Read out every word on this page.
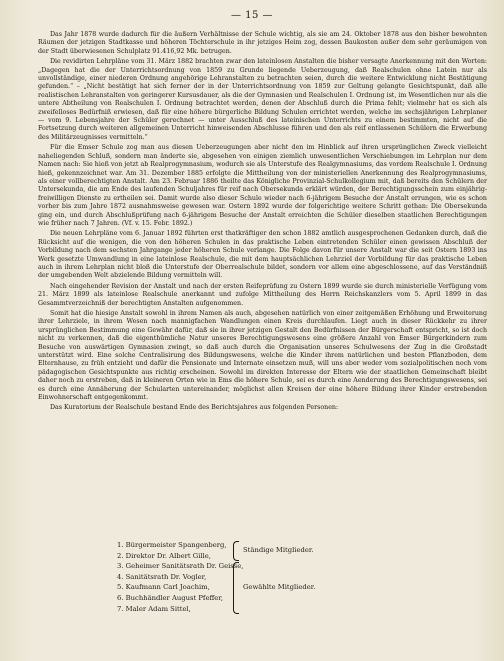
— 15 —

Das Jahr 1878 wurde dadurch für die äußern Verhältnisse der Schule wichtig, als sie am 24. Oktober 1878 aus den bisher bewohnten Räumen der jetzigen Stadtkasse und höheren Töchterschule in ihr jetziges Heim zog, dessen Baukosten außer dem sehr geräumigen von der Stadt überwiesenen Schulplatz 91.416,92 Mk. betrugen.

Die revidirten Lehrpläne vom 31. März 1882 brachten zwar den lateinlosen Anstalten die bisher versagte Anerkennung mit den Worten: „Dagegen hat die der Unterrichtsordnung von 1859 zu Grunde liegende Ueberzeugung, daß Realschulen ohne Latein nur als unvollständige, einer niederen Ordnung angehörige Lehranstalten zu betrachten seien, durch die weitere Entwicklung nicht Bestätigung gefunden.“ – „Nicht bestätigt hat sich ferner der in der Unterrichtsordnung von 1859 zur Geltung gelangte Gesichtspunkt, daß alle realistischen Lehranstalten von geringerer Kursusdauer, als die der Gymnasien und Realschulen I. Ordnung ist, im Wesentlichen nur als die untere Abtheilung von Realschulen I. Ordnung betrachtet werden, denen der Abschluß durch die Prima fehlt; vielmehr hat es sich als zweifelloses Bedürfniß erwiesen, daß für eine höhere bürgerliche Bildung Schulen errichtet werden, welche im sechsjährigen Lehrplaner — vom 9. Lebensjahre der Schüler gerechnet — unter Ausschluß des lateinischen Unterrichts zu einem bestimmten, nicht auf die Fortsetzung durch weiteren allgemeinen Unterricht hinweisenden Abschlusse führen und den als reif entlassenen Schülern die Erwerbung des Militärzeugnisses vermitteln.“

Für die Emser Schule zog man aus diesen Ueberzeugungen aber nicht den im Hinblick auf ihren ursprünglichen Zweck vielleicht naheliegenden Schluß, sondern man änderte sie, abgesehen von einigen ziemlich unwesentlichen Verschiebungen im Lehrplan nur dem Namen nach: Sie hieß von jetzt ab Realprogymnasium, wodurch sie als Unterstufe des Realgymnasiums, das vordem Realschule I. Ordnung hieß, gekennzeichnet war. Am 31. Dezember 1885 erfolgte die Mittheilung von der ministeriellen Anerkennung des Realprogymnasiums, als einer vollberechtigten Anstalt. Am 23. Februar 1886 theilte das Königliche Provinzial-Schulkollegium mit, daß bereits den Schülern der Untersekunda, die am Ende des laufenden Schuljahres für reif nach Obersekunda erklärt würden, der Berechtigungsschein zum einjährig-freiwilligen Dienste zu ertheilen sei. Damit wurde also dieser Schule wieder nach 6-jährigem Besuche der Anstalt errungen, wie es schon vorher bis zum Jahre 1872 ausnahmsweise gewesen war. Ostern 1892 wurde der folgerichtige weitere Schritt gethan: Die Obersekunda ging ein, und durch Abschlußprüfung nach 6-jährigem Besuche der Anstalt erreichten die Schüler dieselben staatlichen Berechtigungen wie früher nach 7 Jahren. (Vf. v. 15. Febr. 1892.)

Die neuen Lehrpläne vom 6. Januar 1892 führten erst thatkräftiger den schon 1882 amtlich ausgesprochenen Gedanken durch, daß die Rücksicht auf die wenigen, die von den höheren Schulen in das praktische Leben eintretenden Schüler einen gewissen Abschluß der Vorbildung nach dem sechsten Jahrgange jeder höheren Schule verlange. Die Folge davon für unsere Anstalt war die seit Ostern 1893 ins Werk gesetzte Umwandlung in eine lateinlose Realschule, die mit dem hauptsächlichen Lehrziel der Vorbildung für das praktische Leben auch in ihrem Lehrplan nicht bloß die Unterstufe der Oberrealschule bildet, sondern vor allem eine abgeschlossene, auf das Verständniß der umgebenden Welt abzielende Bildung vermitteln will.

Nach eingehender Revision der Anstalt und nach der ersten Reifeprüfung zu Ostern 1899 wurde sie durch ministerielle Verfügung vom 21. März 1899 als lateinlose Realschule anerkannt und zufolge Mittheilung des Herrn Reichskanzlers vom 5. April 1899 in das Gesammtverzeichniß der berechtigten Anstalten aufgenommen.

Somit hat die hiesige Anstalt sowohl in ihrem Namen als auch, abgesehen natürlich von einer zeitgemäßen Erhöhung und Erweiterung ihrer Lehrziele, in ihrem Wesen nach mannigfachen Wandlungen einen Kreis durchlaufen. Liegt auch in dieser Rückkehr zu ihrer ursprünglichen Bestimmung eine Gewähr dafür, daß sie in ihrer jetzigen Gestalt den Bedürfnissen der Bürgerschaft entspricht, so ist doch nicht zu verkennen, daß die eigenthümliche Natur unseres Berechtigungswesens eine größere Anzahl von Emser Bürgerkindern zum Besuche von auswärtigen Gymnasien zwingt, so daß auch durch die Organisation unseres Schulwesens der Zug in die Großstadt unterstützt wird. Eine solche Centralisirung des Bildungswesens, welche die Kinder ihrem natürlichen und besten Pflanzboden, dem Elternhause, zu früh entzieht und dafür die Pensionate und Internate einsetzen muß, will uns aber weder vom sozialpolitischen noch vom pädagogischen Gesichtspunkte aus richtig erscheinen. Sowohl im direkten Interesse der Eltern wie der staatlichen Gemeinschaft bleibt daher noch zu erstreben, daß in kleineren Orten wie in Ems die höhere Schule, sei es durch eine Aenderung des Berechtigungswesens, sei es durch eine Annäherung der Schularten untereinander, möglichst allen Kreisen der eine höhere Bildung ihrer Kinder erstrebenden Einwohnerschaft entgegenkommt.

Das Kuratorium der Realschule bestand Ende des Berichtsjahres aus folgenden Personen:

1. Bürgermeister Spangenberg,
2. Direktor Dr. Albert Gille,
Ständige Mitglieder.
3. Geheimer Sanitätsrath Dr. Geisse,
4. Sanitätsrath Dr. Vogler,
5. Kaufmann Carl Joachim,
6. Buchhändler August Pfeffer,
7. Maler Adam Sittel,
Gewählte Mitglieder.
